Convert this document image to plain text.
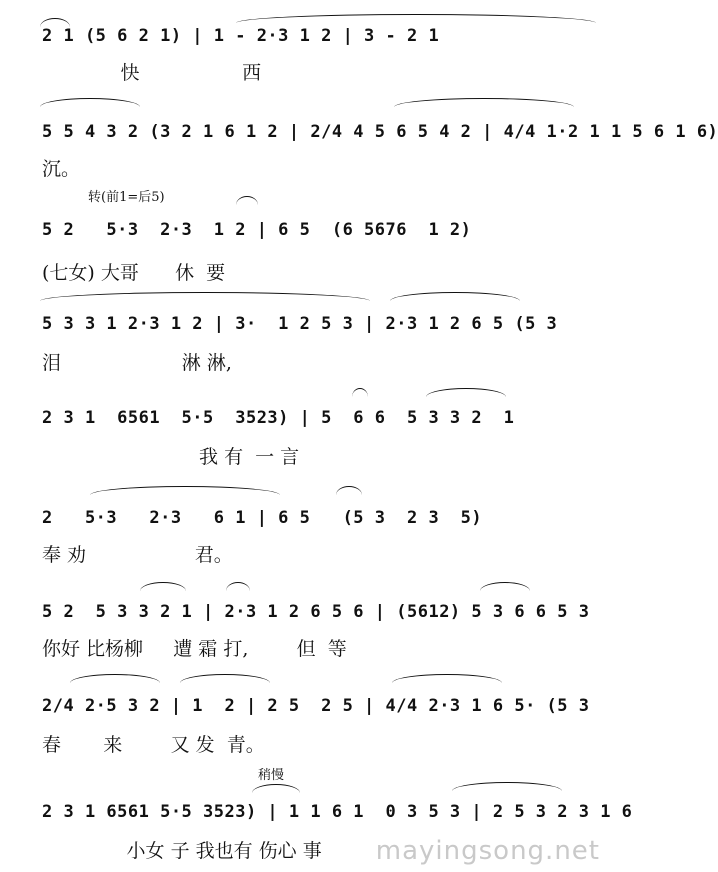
2 1 (5 6 2 1) | 1 - 2·3 1 2 | 3 - 2 1
快                 西
5 5 4 3 2 (3 2 1 6 1 2 | 2/4 4 5 6 5 4 2 | 4/4 1·2 1 1 5 6 1 6)
沉。
转(前1=后5)
5 2   5·3  2·3  1 2 | 6 5  (6 5676  1 2)
(七女) 大哥      休  要
5 3 3 1 2·3 1 2 | 3·  1 2 5 3 | 2·3 1 2 6 5 (5 3
泪                    淋 淋,
2 3 1  6561  5·5  3523) | 5  6 6  5 3 3 2  1
我 有  一 言
2   5·3   2·3   6 1 | 6 5   (5 3  2 3  5)
奉 劝                  君。
5 2  5 3 3 2 1 | 2·3 1 2 6 5 6 | (5612) 5 3 6 6 5 3
你好 比杨柳     遭 霜 打,        但  等
2/4 2·5 3 2 | 1  2 | 2 5  2 5 | 4/4 2·3 1 6 5· (5 3
春       来        又 发  青。
稍慢
2 3 1 6561 5·5 3523) | 1 1 6 1  0 3 5 3 | 2 5 3 2 3 1 6
小女 子 我也有 伤心 事 mayingsong.net
